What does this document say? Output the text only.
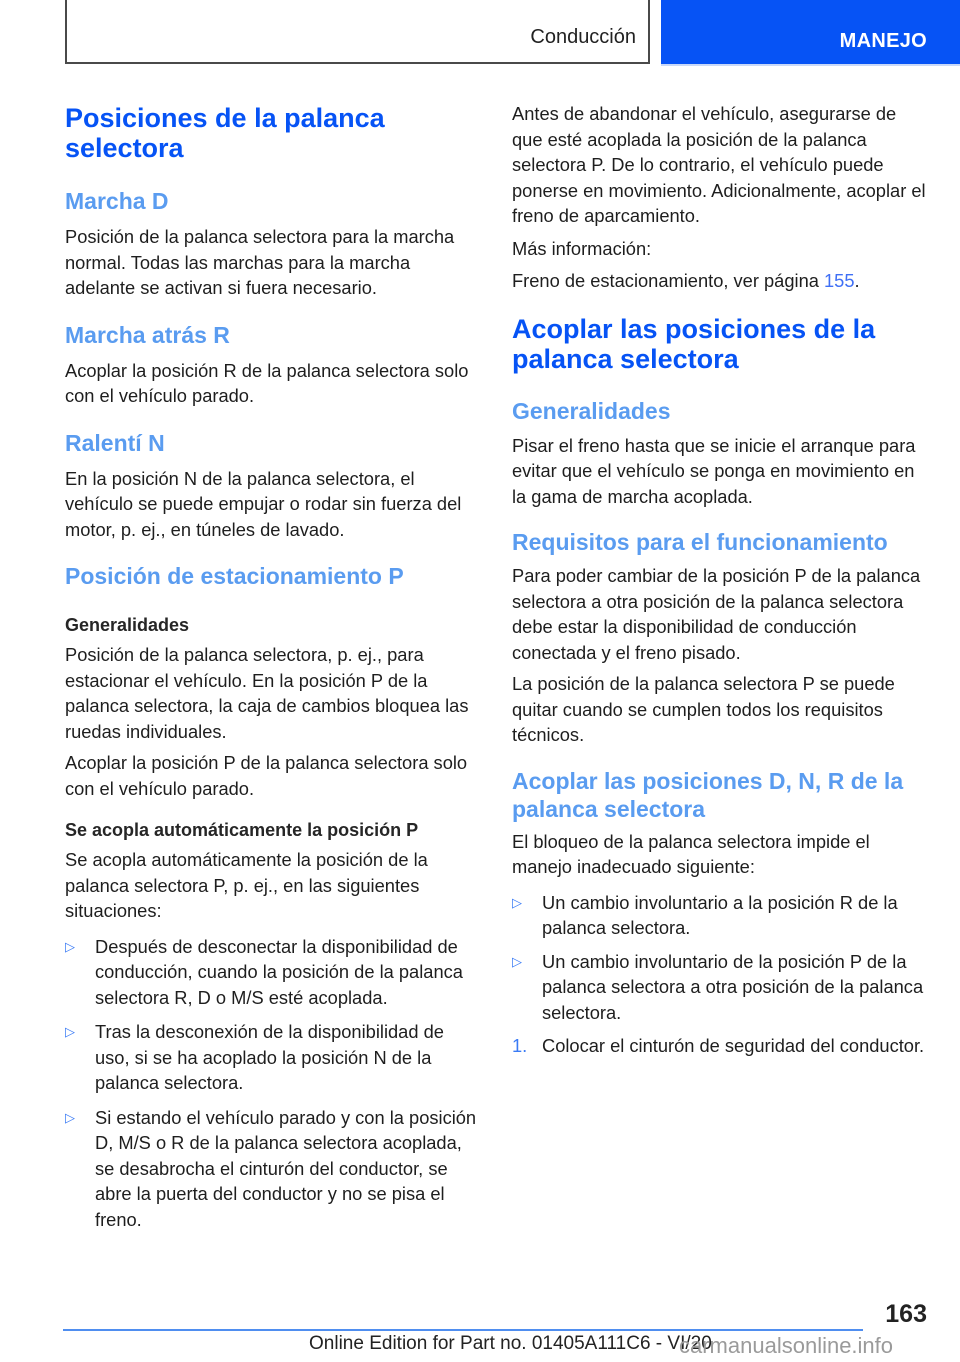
Conducción	MANEJO
Posiciones de la palanca selectora
Marcha D

Posición de la palanca selectora para la marcha normal. Todas las marchas para la marcha adelante se activan si fuera necesario.

Marcha atrás R

Acoplar la posición R de la palanca selectora solo con el vehículo parado.

Ralentí N

En la posición N de la palanca selectora, el vehículo se puede empujar o rodar sin fuerza del motor, p. ej., en túneles de lavado.

Posición de estacionamiento P
Generalidades

Posición de la palanca selectora, p. ej., para estacionar el vehículo. En la posición P de la palanca selectora, la caja de cambios bloquea las ruedas individuales.

Acoplar la posición P de la palanca selectora solo con el vehículo parado.

Se acopla automáticamente la posición P

Se acopla automáticamente la posición de la palanca selectora P, p. ej., en las siguientes situaciones:

▷ Después de desconectar la disponibilidad de conducción, cuando la posición de la palanca selectora R, D o M/S esté acoplada.
▷ Tras la desconexión de la disponibilidad de uso, si se ha acoplado la posición N de la palanca selectora.
▷ Si estando el vehículo parado y con la posición D, M/S o R de la palanca selectora acoplada, se desabrocha el cinturón del conductor, se abre la puerta del conductor y no se pisa el freno.

Antes de abandonar el vehículo, asegurarse de que esté acoplada la posición de la palanca selectora P. De lo contrario, el vehículo puede ponerse en movimiento. Adicionalmente, acoplar el freno de aparcamiento.

Más información:

Freno de estacionamiento, ver página 155.

Acoplar las posiciones de la palanca selectora
Generalidades

Pisar el freno hasta que se inicie el arranque para evitar que el vehículo se ponga en movimiento en la gama de marcha acoplada.

Requisitos para el funcionamiento

Para poder cambiar de la posición P de la palanca selectora a otra posición de la palanca selectora debe estar la disponibilidad de conducción conectada y el freno pisado.

La posición de la palanca selectora P se puede quitar cuando se cumplen todos los requisitos técnicos.

Acoplar las posiciones D, N, R de la palanca selectora

El bloqueo de la palanca selectora impide el manejo inadecuado siguiente:

▷ Un cambio involuntario a la posición R de la palanca selectora.
▷ Un cambio involuntario de la posición P de la palanca selectora a otra posición de la palanca selectora.
1. Colocar el cinturón de seguridad del conductor.
163
Online Edition for Part no. 01405A111C6 - VI/20
carmanualsonline.info
